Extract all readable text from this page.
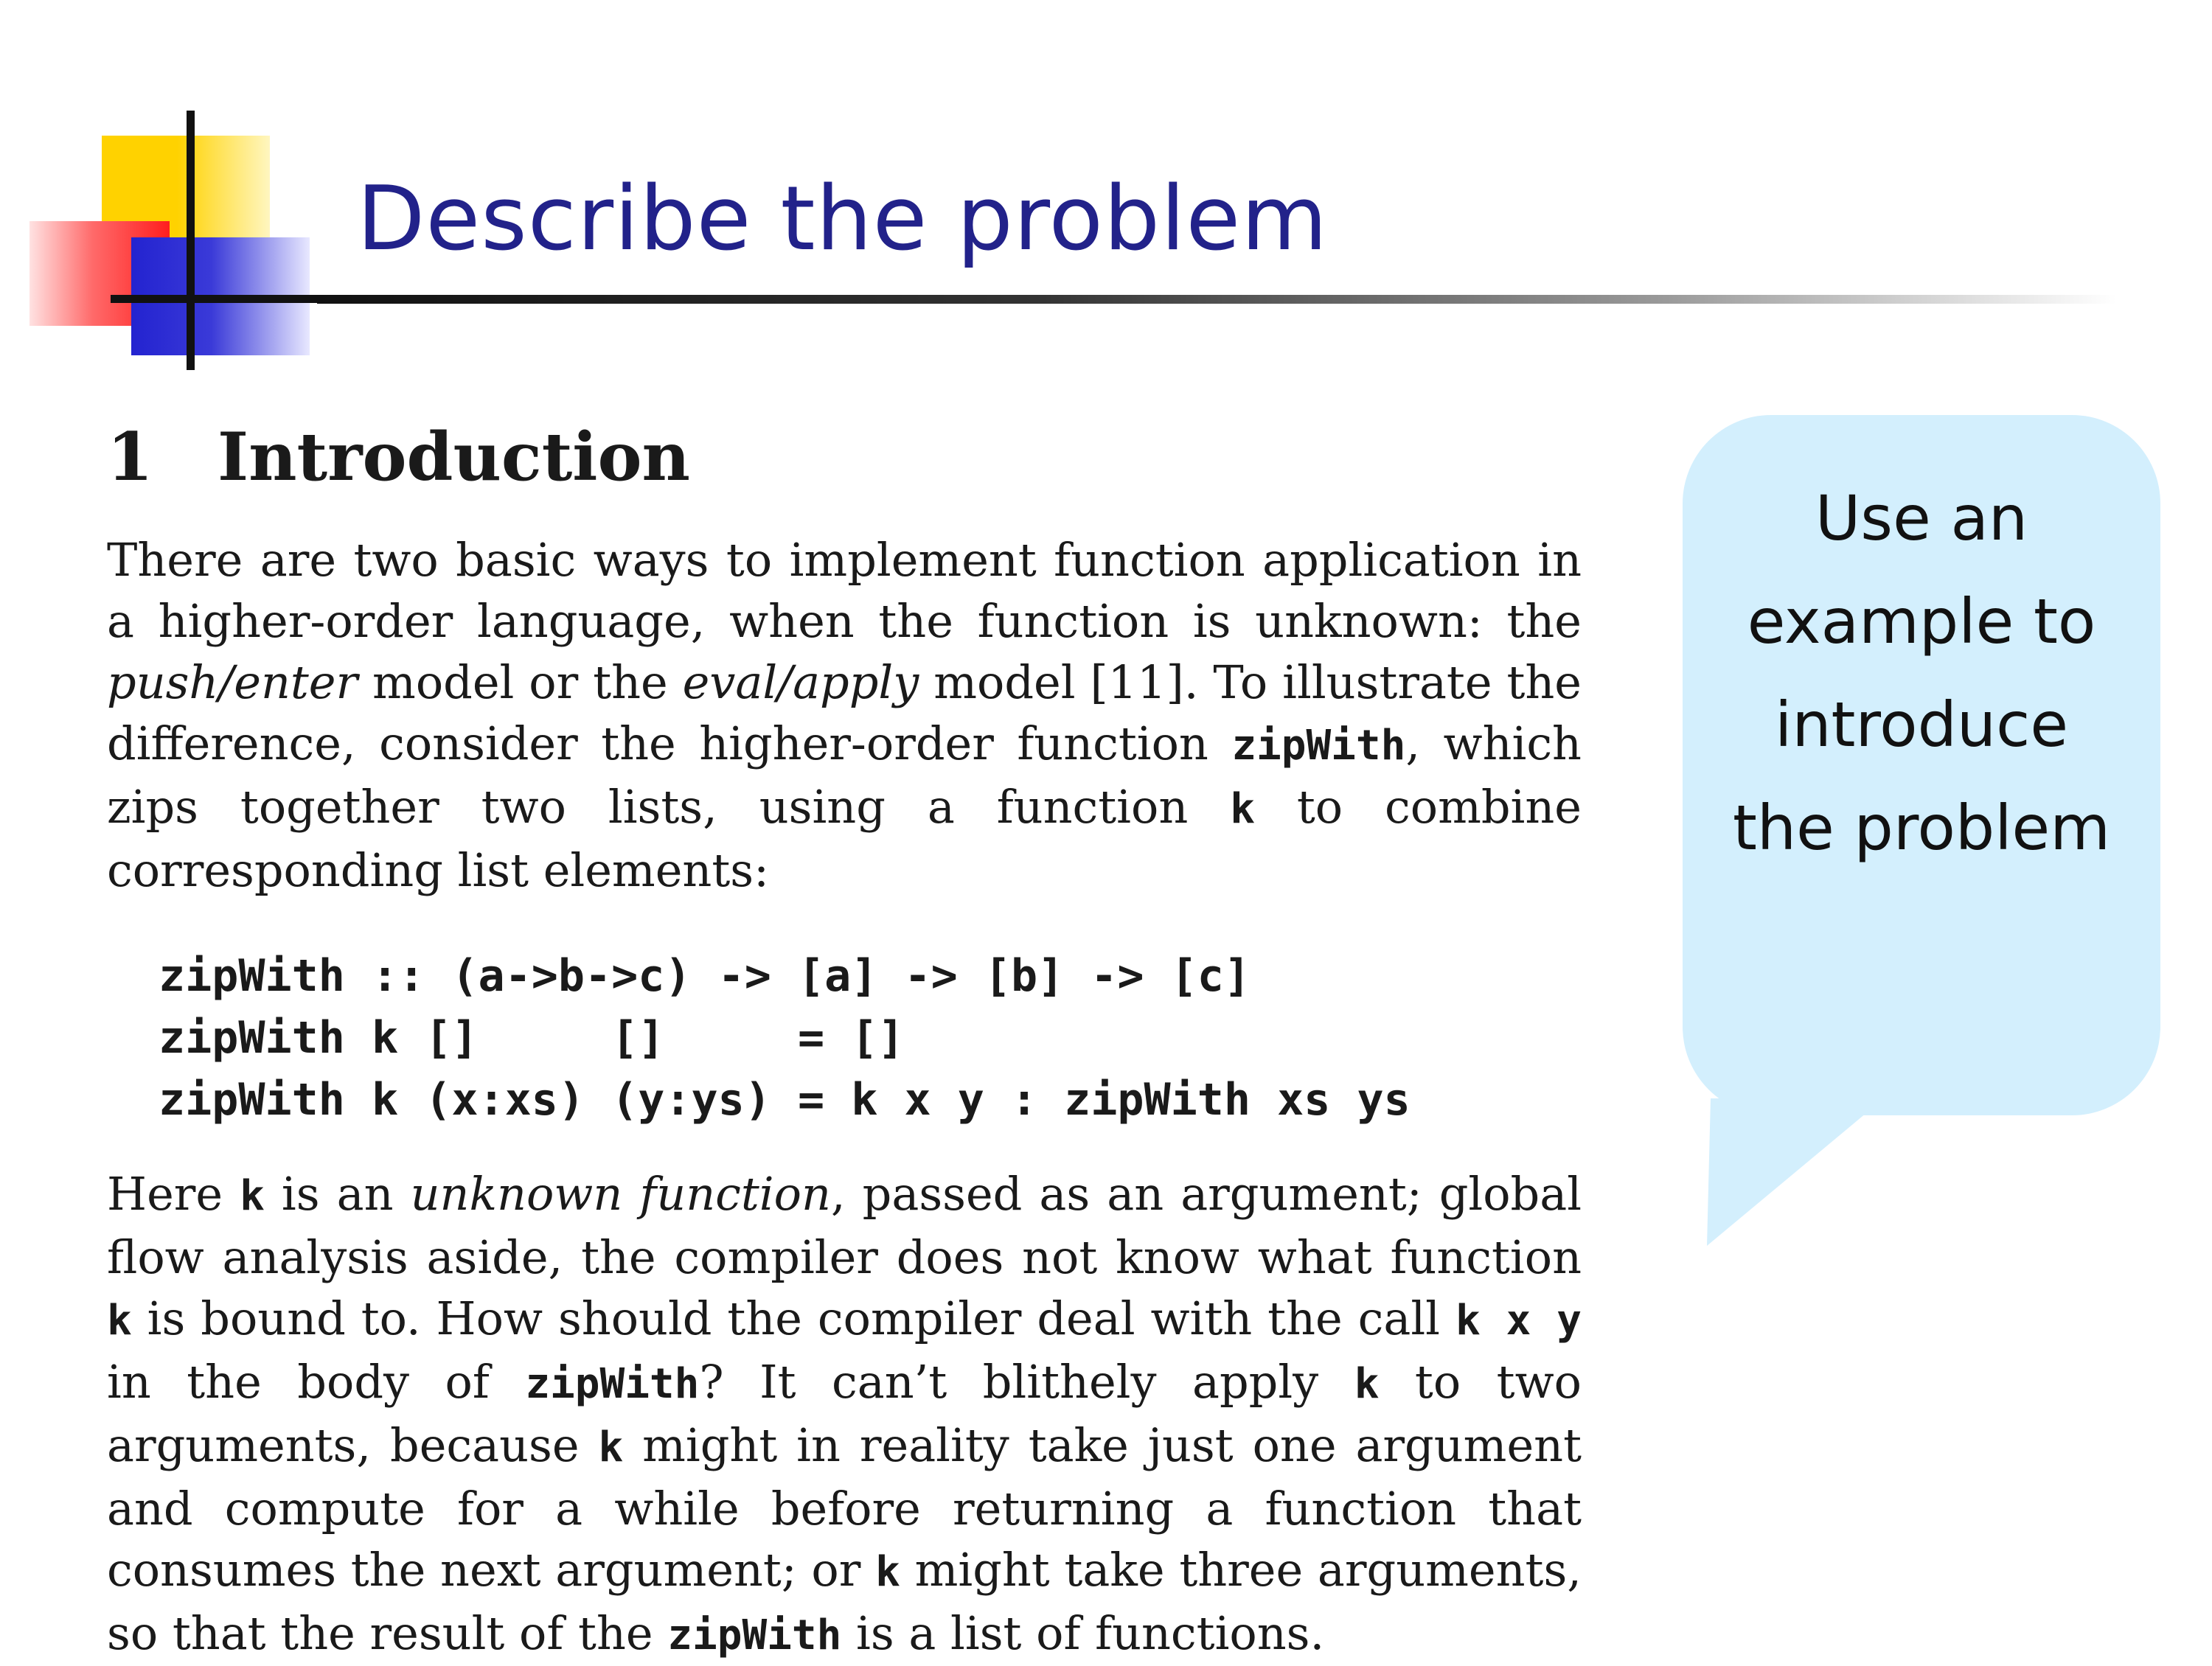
Describe the problem
1 Introduction

There are two basic ways to implement function application in a higher-order language, when the function is unknown: the push/enter model or the eval/apply model [11]. To illustrate the difference, consider the higher-order function zipWith, which zips together two lists, using a function k to combine corresponding list elements:

zipWith :: (a->b->c) -> [a] -> [b] -> [c]
zipWith k []     []     = []
zipWith k (x:xs) (y:ys) = k x y : zipWith xs ys

Here k is an unknown function, passed as an argument; global flow analysis aside, the compiler does not know what function k is bound to. How should the compiler deal with the call k x y in the body of zipWith? It can’t blithely apply k to two arguments, because k might in reality take just one argument and compute for a while before returning a function that consumes the next argument; or k might take three arguments, so that the result of the zipWith is a list of functions.

Use an
example to
introduce
the problem
